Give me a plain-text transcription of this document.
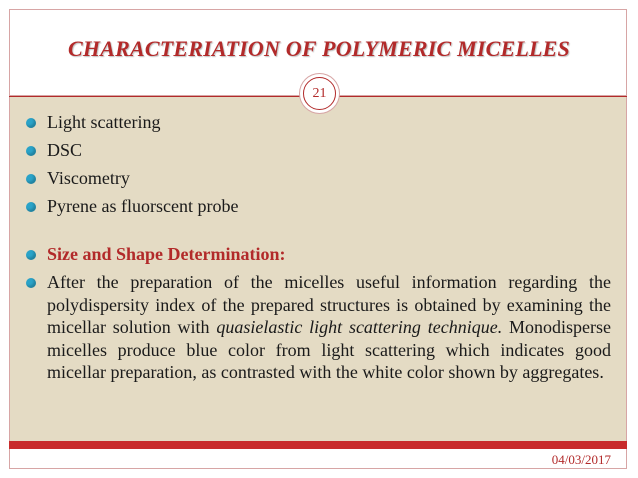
CHARACTERIATION OF POLYMERIC MICELLES
21
Light scattering
DSC
Viscometry
Pyrene as fluorscent probe
Size and Shape Determination:
After the preparation of the micelles useful information regarding the polydispersity index of the prepared structures is obtained by examining the micellar solution with quasielastic light scattering technique. Monodisperse micelles produce blue color from light scattering which indicates good micellar preparation, as contrasted with the white color shown by aggregates.
04/03/2017
